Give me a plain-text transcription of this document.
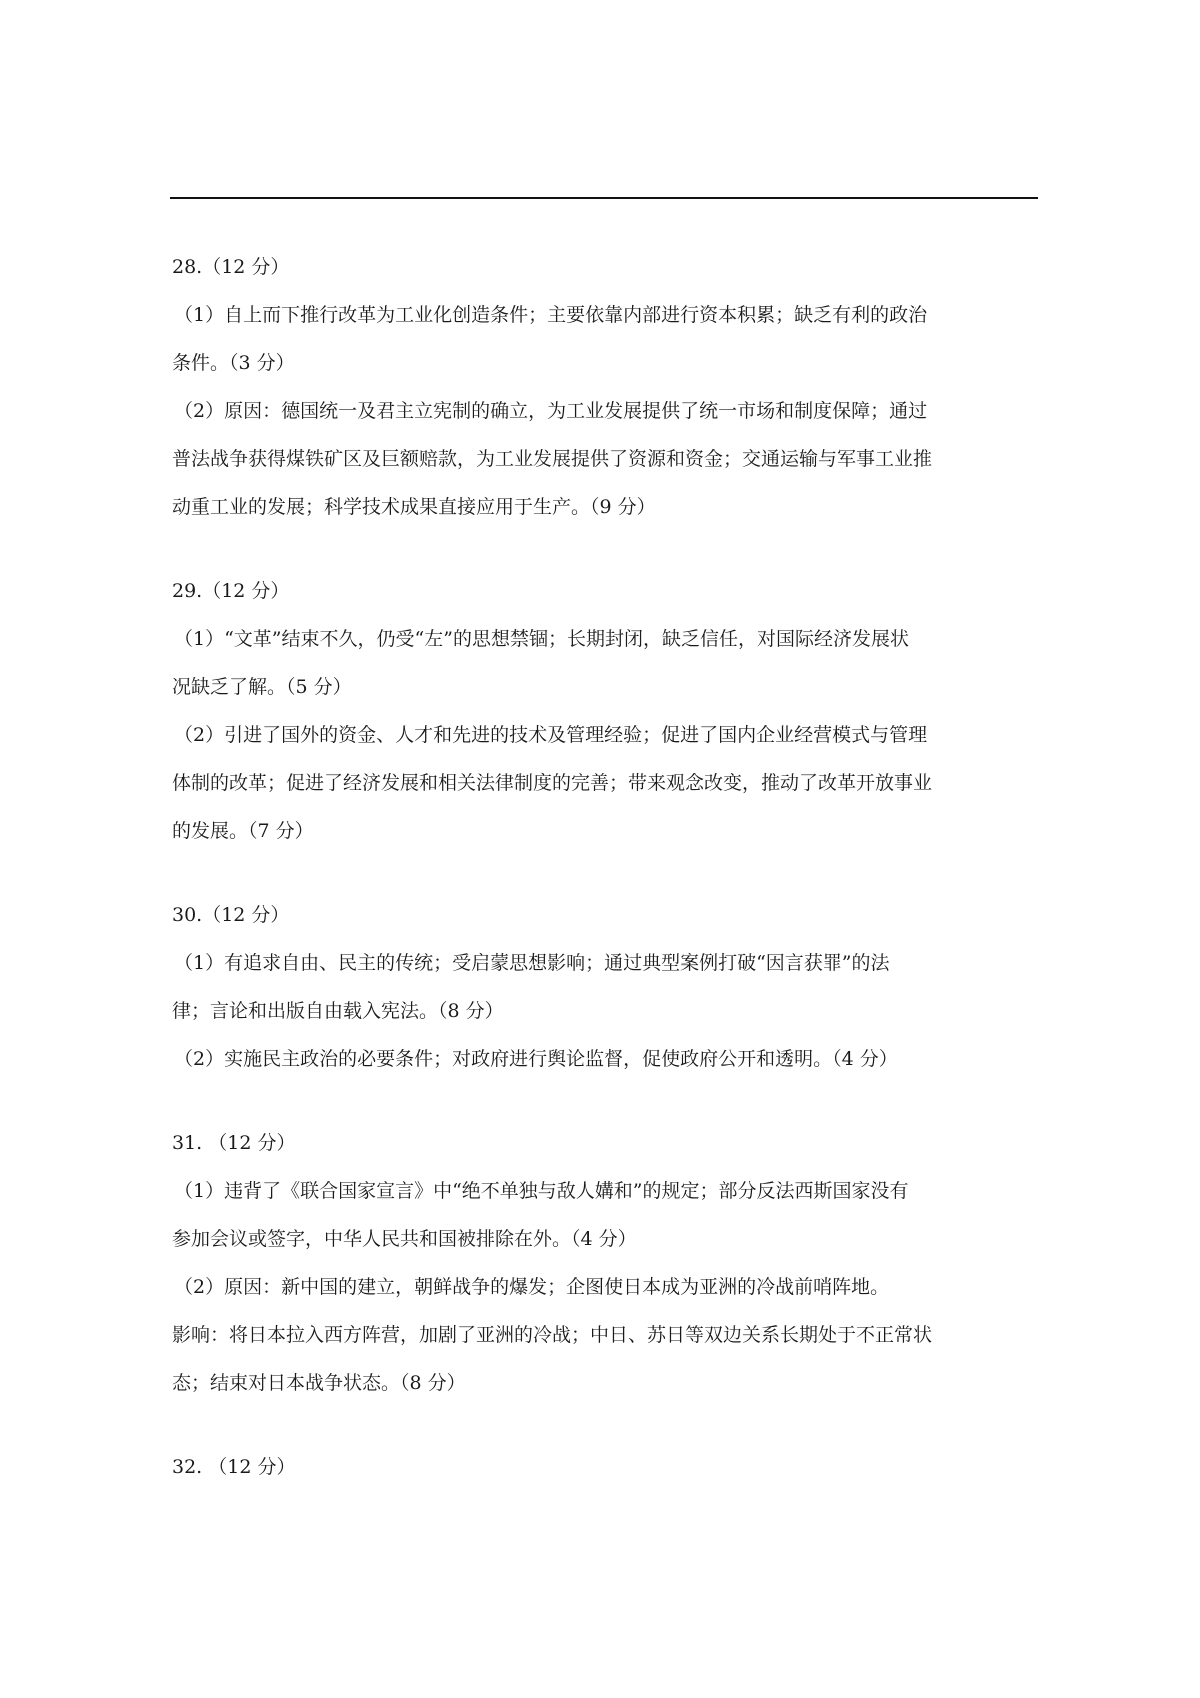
28.（12 分）
（1）自上而下推行改革为工业化创造条件；主要依靠内部进行资本积累；缺乏有利的政治
条件。（3 分）
（2）原因：德国统一及君主立宪制的确立，为工业发展提供了统一市场和制度保障；通过
普法战争获得煤铁矿区及巨额赔款，为工业发展提供了资源和资金；交通运输与军事工业推
动重工业的发展；科学技术成果直接应用于生产。（9 分）
29.（12 分）
（1）“文革”结束不久，仍受“左”的思想禁锢；长期封闭，缺乏信任，对国际经济发展状
况缺乏了解。（5 分）
（2）引进了国外的资金、人才和先进的技术及管理经验；促进了国内企业经营模式与管理
体制的改革；促进了经济发展和相关法律制度的完善；带来观念改变，推动了改革开放事业
的发展。（7 分）
30.（12 分）
（1）有追求自由、民主的传统；受启蒙思想影响；通过典型案例打破“因言获罪”的法
律；言论和出版自由载入宪法。（8 分）
（2）实施民主政治的必要条件；对政府进行舆论监督，促使政府公开和透明。（4 分）
31. （12 分）
（1）违背了《联合国家宣言》中“绝不单独与敌人媾和”的规定；部分反法西斯国家没有
参加会议或签字，中华人民共和国被排除在外。（4 分）
（2）原因：新中国的建立，朝鲜战争的爆发；企图使日本成为亚洲的冷战前哨阵地。
影响：将日本拉入西方阵营，加剧了亚洲的冷战；中日、苏日等双边关系长期处于不正常状
态；结束对日本战争状态。（8 分）
32. （12 分）
